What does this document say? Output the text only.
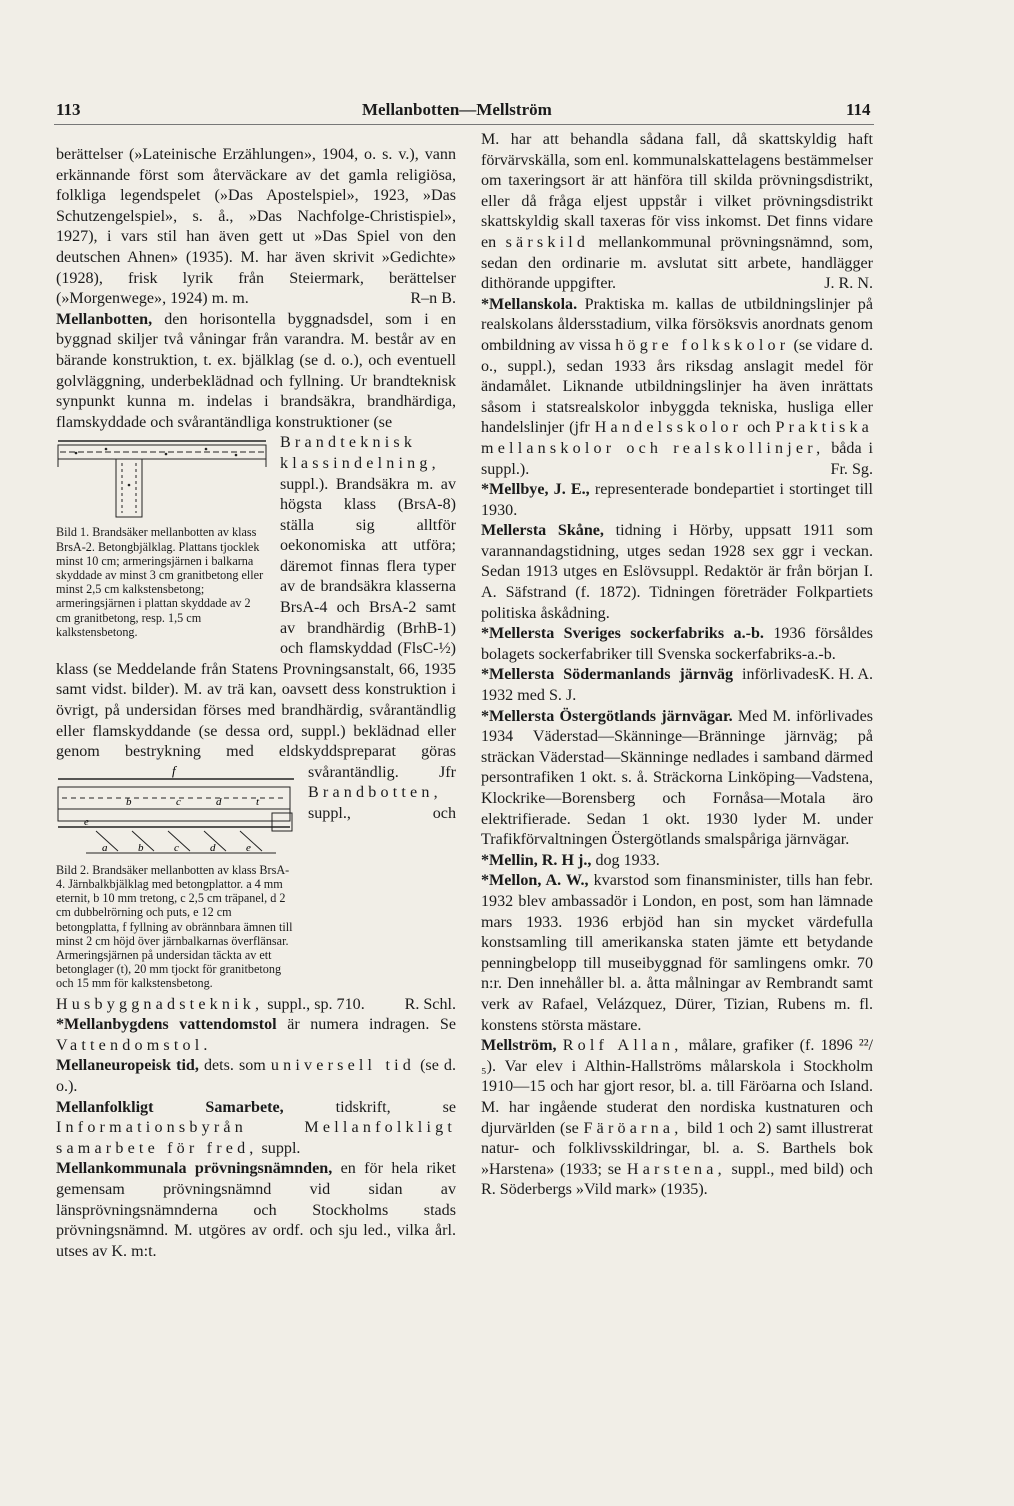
113	Mellanbotten—Mellström	114

berättelser (»Lateinische Erzählungen», 1904, o. s. v.), vann erkännande först som återväckare av det gamla religiösa, folkliga legendspelet (»Das Apostelspiel», 1923, »Das Schutzengelspiel», s. å., »Das Nachfolge-Christispiel», 1927), i vars stil han även gett ut »Das Spiel von den deutschen Ahnen» (1935). M. har även skrivit »Gedichte» (1928), frisk lyrik från Steiermark, berättelser (»Morgenwege», 1924) m. m.	R–n B.

Mellanbotten, den horisontella byggnadsdel, som i en byggnad skiljer två våningar från varandra. M. består av en bärande konstruktion, t. ex. bjälklag (se d. o.), och eventuell golvläggning, underbeklädnad och fyllning. Ur brandteknisk synpunkt kunna m. indelas i brandsäkra, brandhärdiga, flamskyddade och svårantändliga konstruktioner (se

Bild 1. Brandsäker mellanbotten av klass BrsA-2. Betongbjälklag. Plattans tjocklek minst 10 cm; armeringsjärnen i balkarna skyddade av minst 3 cm granitbetong eller minst 2,5 cm kalkstensbetong; armeringsjärnen i plattan skyddade av 2 cm granitbetong, resp. 1,5 cm kalkstensbetong.
Brandteknisk klassindelning, suppl.). Brandsäkra m. av högsta klass (BrsA-8) ställa sig alltför oekonomiska att utföra; däremot finnas flera typer av de brandsäkra klasserna BrsA-4 och BrsA-2 samt av brandhärdig (BrhB-1) och flamskyddad (FlsC-½) klass (se Meddelande från Statens Provningsanstalt, 66, 1935 samt vidst. bilder). M. av trä kan, oavsett dess konstruktion i övrigt, på undersidan förses med brandhärdig, svårantändlig eller flamskyddande (se dessa ord, suppl.) beklädnad eller genom bestrykning med eldskyddspreparat göras svårantändlig. Jfr
f
e
b	c	d	t
a	b	c	d	e
Bild 2. Brandsäker mellanbotten av klass BrsA-4. Järnbalkbjälklag med betongplattor. a 4 mm eternit, b 10 mm tretong, c 2,5 cm träpanel, d 2 cm dubbelrörning och puts, e 12 cm betongplatta, f fyllning av obrännbara ämnen till minst 2 cm höjd över järnbalkarnas överflänsar. Armeringsjärnen på undersidan täckta av ett betonglager (t), 20 mm tjockt för granitbetong och 15 mm för kalkstensbetong.
Brandbotten, suppl., och Husbyggnadsteknik, suppl., sp. 710. R. Schl.

*Mellanbygdens vattendomstol är numera indragen. Se Vattendomstol.

Mellaneuropeisk tid, dets. som universell tid (se d. o.).

Mellanfolkligt Samarbete,	tidskrift, se Informationsbyrån Mellanfolkligt samarbete för fred, suppl.

Mellankommunala prövningsnämnden, en för hela riket gemensam prövningsnämnd vid sidan av länsprövningsnämnderna och Stockholms stads prövningsnämnd. M. utgöres av ordf. och sju led., vilka årl. utses av K. m:t.

M. har att behandla sådana fall, då skattskyldig haft förvärvskälla, som enl. kommunalskattelagens bestämmelser om taxeringsort är att hänföra till skilda prövningsdistrikt, eller då fråga eljest uppstår i vilket prövningsdistrikt skattskyldig skall taxeras för viss inkomst. Det finns vidare en särskild mellankommunal prövningsnämnd, som, sedan den ordinarie m. avslutat sitt arbete, handlägger dithörande uppgifter.	J. R. N.

*Mellanskola. Praktiska m. kallas de utbildningslinjer på realskolans åldersstadium, vilka försöksvis anordnats genom ombildning av vissa högre folkskolor (se vidare d. o., suppl.), sedan 1933 års riksdag anslagit medel för ändamålet. Liknande utbildningslinjer ha även inrättats såsom i statsrealskolor inbyggda tekniska, husliga eller handelslinjer (jfr Handelsskolor och Praktiska mellanskolor och realskollinjer, båda i suppl.).	Fr. Sg.

*Mellbye, J. E., representerade bondepartiet i stortinget till 1930.

Mellersta Skåne, tidning i Hörby, uppsatt 1911 som varannandagstidning, utges sedan 1928 sex ggr i veckan. Sedan 1913 utges en Eslövsuppl. Redaktör är från början I. A. Säfstrand (f. 1872). Tidningen företräder Folkpartiets politiska åskådning.

*Mellersta Sveriges sockerfabriks a.-b. 1936 försåldes bolagets sockerfabriker till Svenska sockerfabriks-a.-b.
K. H. A.

*Mellersta Södermanlands järnväg införlivades 1932 med S. J.

*Mellersta Östergötlands järnvägar. Med M. införlivades 1934 Väderstad—Skänninge—Bränninge järnväg; på sträckan Väderstad—Skänninge nedlades i samband därmed persontrafiken 1 okt. s. å. Sträckorna Linköping—Vadstena, Klockrike—Borensberg och Fornåsa—Motala äro elektrifierade. Sedan 1 okt. 1930 lyder M. under Trafikförvaltningen Östergötlands smalspåriga järnvägar.

*Mellin, R. H j., dog 1933.

*Mellon, A. W., kvarstod som finansminister, tills han febr. 1932 blev ambassadör i London, en post, som han lämnade mars 1933. 1936 erbjöd han sin mycket värdefulla konstsamling till amerikanska staten jämte ett betydande penningbelopp till museibyggnad för samlingens omkr. 70 n:r. Den innehåller bl. a. åtta målningar av Rembrandt samt verk av Rafael, Velázquez, Dürer, Tizian, Rubens m. fl. konstens största mästare.

Mellström, Rolf Allan, målare, grafiker (f. 1896 ²²/₅). Var elev i Althin-Hallströms målarskola i Stockholm 1910—15 och har gjort resor, bl. a. till Färöarna och Island. M. har ingående studerat den nordiska kustnaturen och djurvärlden (se Färöarna, bild 1 och 2) samt illustrerat natur- och folklivsskildringar, bl. a. S. Barthels bok »Harstena» (1933; se Harstena, suppl., med bild) och R. Söderbergs »Vild mark» (1935).
